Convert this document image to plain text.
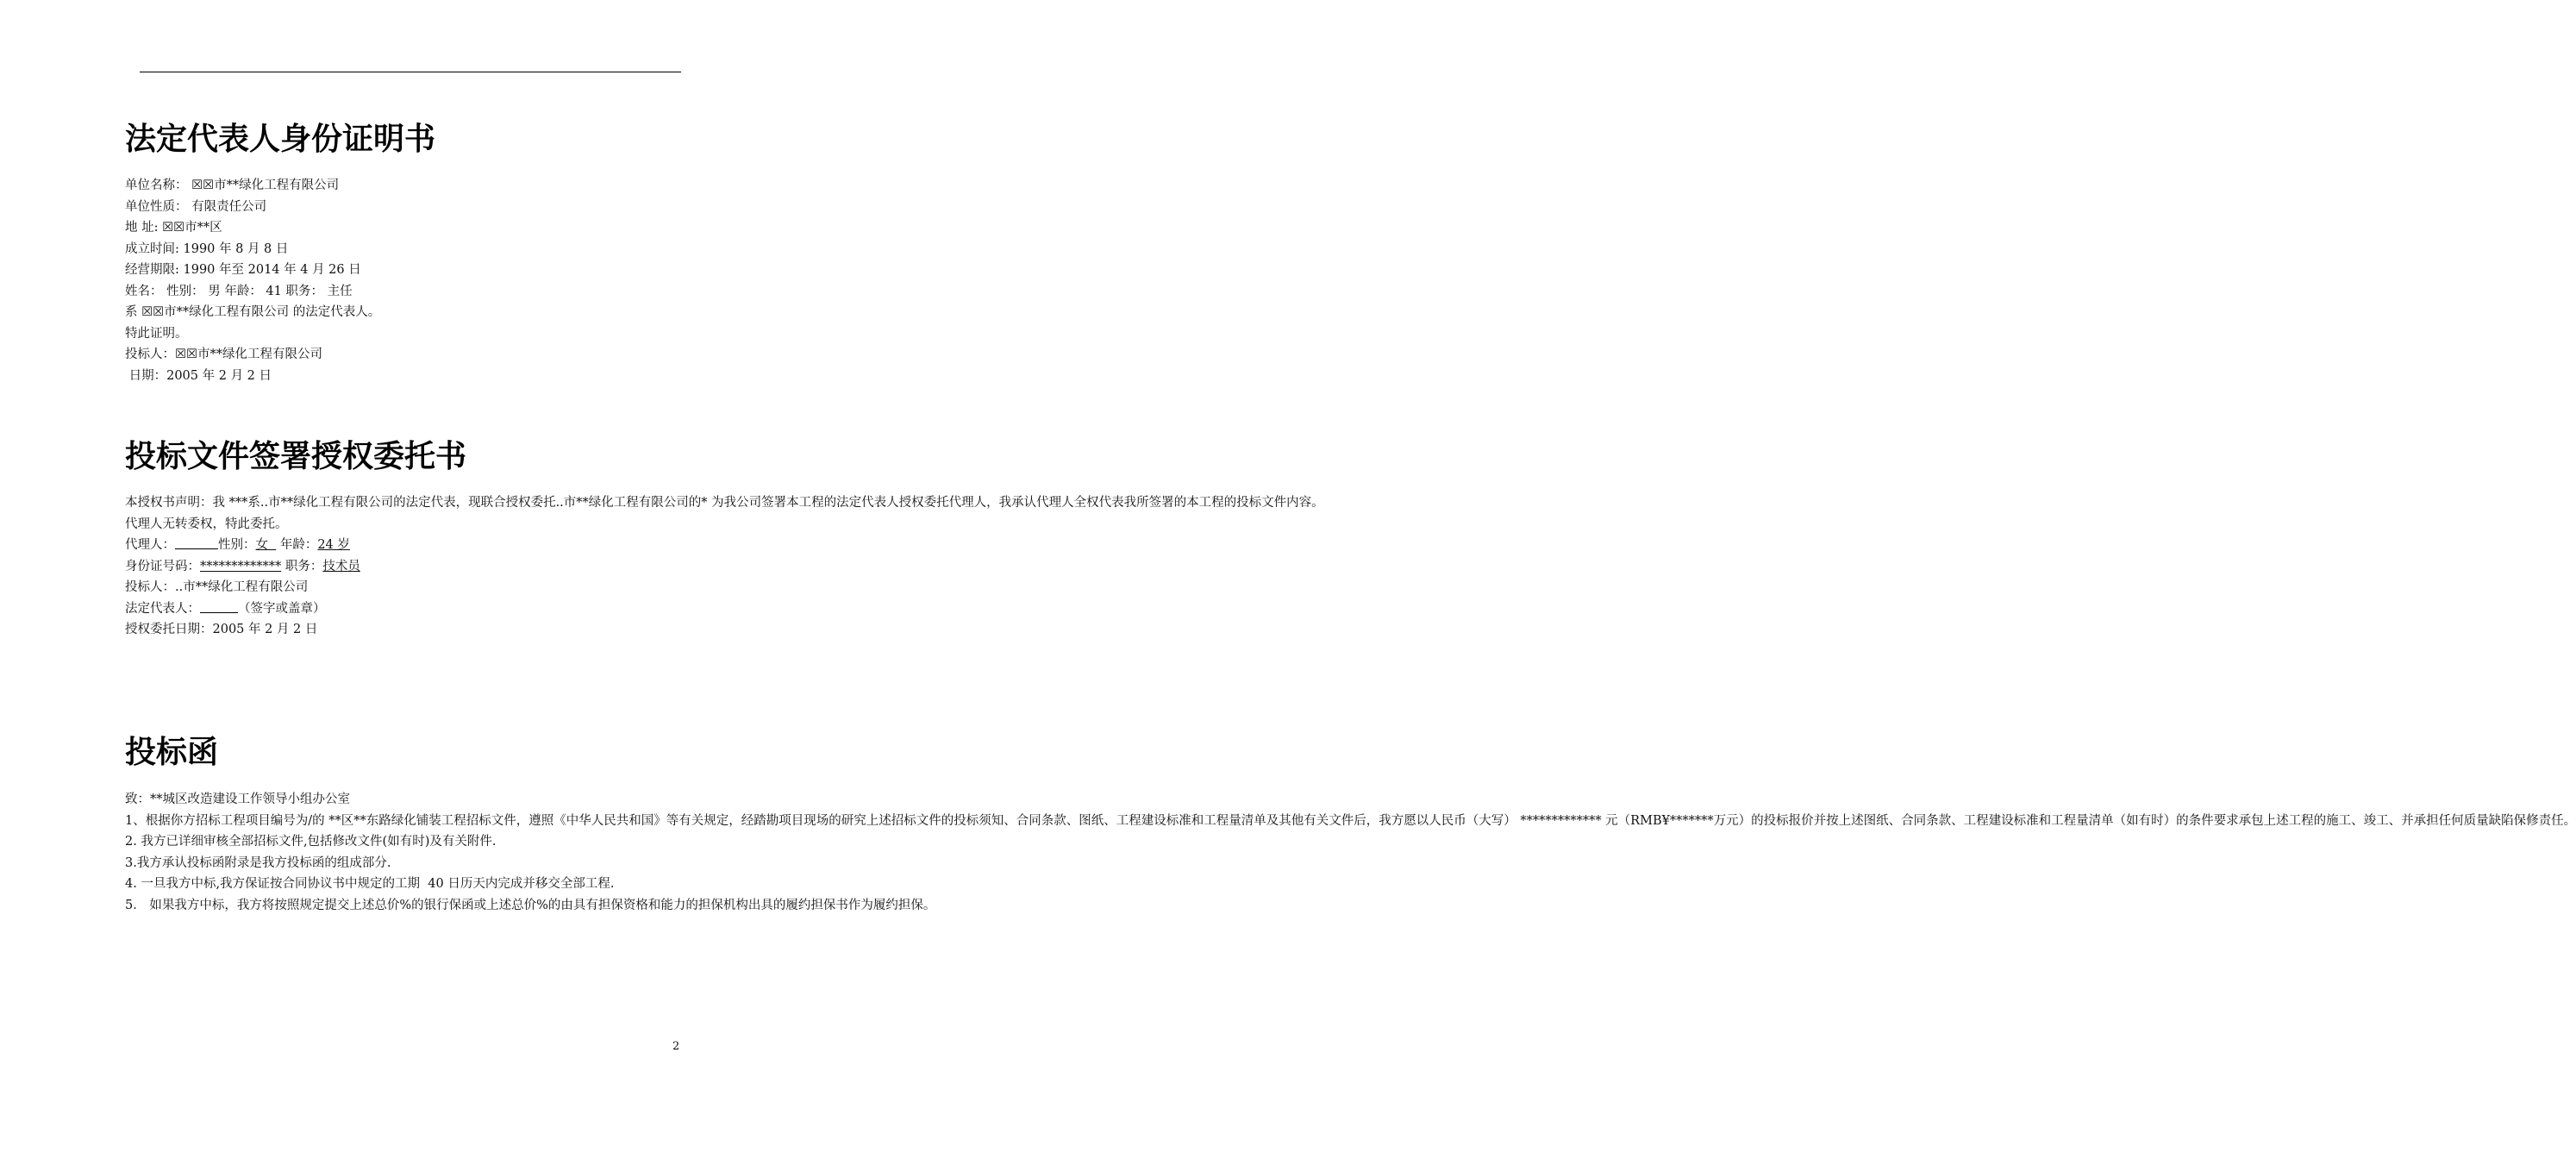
法定代表人身份证明书

单位名称： ☒☒市**绿化工程有限公司

单位性质： 有限责任公司

地 址: ☒☒市**区

成立时间: 1990 年 8 月 8 日

经营期限: 1990 年至 2014 年 4 月 26 日

姓名： 性别： 男 年龄： 41 职务： 主任

系 ☒☒市**绿化工程有限公司 的法定代表人。

特此证明。

投标人：☒☒市**绿化工程有限公司

日期：2005 年 2 月 2 日

投标文件签署授权委托书

本授权书声明：我 ***系..市**绿化工程有限公司的法定代表，现联合授权委托..市**绿化工程有限公司的* 为我公司签署本工程的法定代表人授权委托代理人，我承认代理人全权代表我所签署的本工程的投标文件内容。

代理人无转委权，特此委托。

代理人：	性别：女   年龄：24 岁

身份证号码：************* 职务：技术员

投标人：..市**绿化工程有限公司

法定代表人：	（签字或盖章）

授权委托日期：2005 年 2 月 2 日

投标函

致：**城区改造建设工作领导小组办公室

1、根据你方招标工程项目编号为/的 **区**东路绿化铺装工程招标文件，遵照《中华人民共和国》等有关规定，经踏勘项目现场的研究上述招标文件的投标须知、合同条款、图纸、工程建设标准和工程量清单及其他有关文件后，我方愿以人民币（大写） ************* 元（RMB¥*******万元）的投标报价并按上述图纸、合同条款、工程建设标准和工程量清单（如有时）的条件要求承包上述工程的施工、竣工、并承担任何质量缺陷保修责任。

2. 我方已详细审核全部招标文件,包括修改文件(如有时)及有关附件.

3.我方承认投标函附录是我方投标函的组成部分.

4. 一旦我方中标,我方保证按合同协议书中规定的工期  40 日历天内完成并移交全部工程.

5． 如果我方中标，我方将按照规定提交上述总价%的银行保函或上述总价%的由具有担保资格和能力的担保机构出具的履约担保书作为履约担保。

2
